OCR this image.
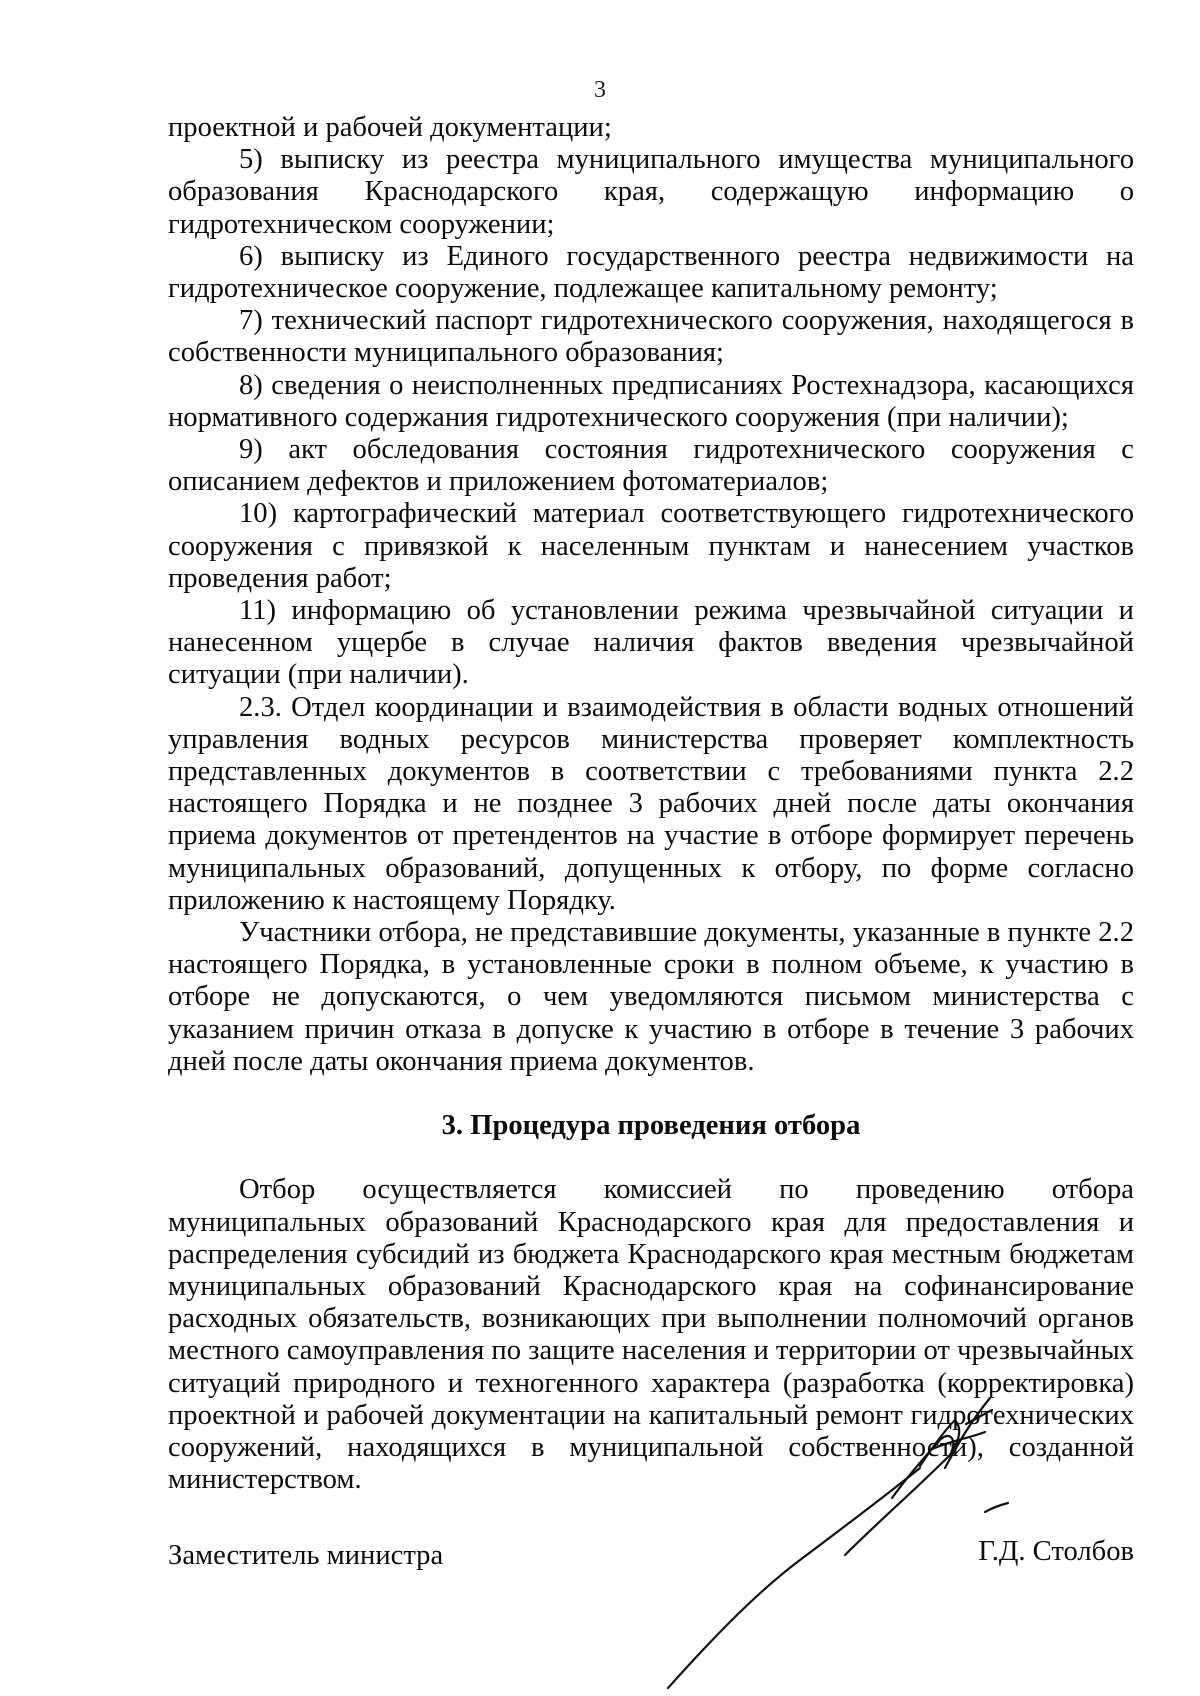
3

проектной и рабочей документации;

5) выписку из реестра муниципального имущества муниципального образования Краснодарского края, содержащую информацию о гидротехническом сооружении;

6) выписку из Единого государственного реестра недвижимости на гидротехническое сооружение, подлежащее капитальному ремонту;

7) технический паспорт гидротехнического сооружения, находящегося в собственности муниципального образования;

8) сведения о неисполненных предписаниях Ростехнадзора, касающихся нормативного содержания гидротехнического сооружения (при наличии);

9) акт обследования состояния гидротехнического сооружения с описанием дефектов и приложением фотоматериалов;

10) картографический материал соответствующего гидротехнического сооружения с привязкой к населенным пунктам и нанесением участков проведения работ;

11) информацию об установлении режима чрезвычайной ситуации и нанесенном ущербе в случае наличия фактов введения чрезвычайной ситуации (при наличии).

2.3. Отдел координации и взаимодействия в области водных отношений управления водных ресурсов министерства проверяет комплектность представленных документов в соответствии с требованиями пункта 2.2 настоящего Порядка и не позднее 3 рабочих дней после даты окончания приема документов от претендентов на участие в отборе формирует перечень муниципальных образований, допущенных к отбору, по форме согласно приложению к настоящему Порядку.

Участники отбора, не представившие документы, указанные в пункте 2.2 настоящего Порядка, в установленные сроки в полном объеме, к участию в отборе не допускаются, о чем уведомляются письмом министерства с указанием причин отказа в допуске к участию в отборе в течение 3 рабочих дней после даты окончания приема документов.

3. Процедура проведения отбора

Отбор осуществляется комиссией по проведению отбора муниципальных образований Краснодарского края для предоставления и распределения субсидий из бюджета Краснодарского края местным бюджетам муниципальных образований Краснодарского края на софинансирование расходных обязательств, возникающих при выполнении полномочий органов местного самоуправления по защите населения и территории от чрезвычайных ситуаций природного и техногенного характера (разработка (корректировка) проектной и рабочей документации на капитальный ремонт гидротехнических сооружений, находящихся в муниципальной собственности), созданной министерством.

Заместитель министра	Г.Д. Столбов
